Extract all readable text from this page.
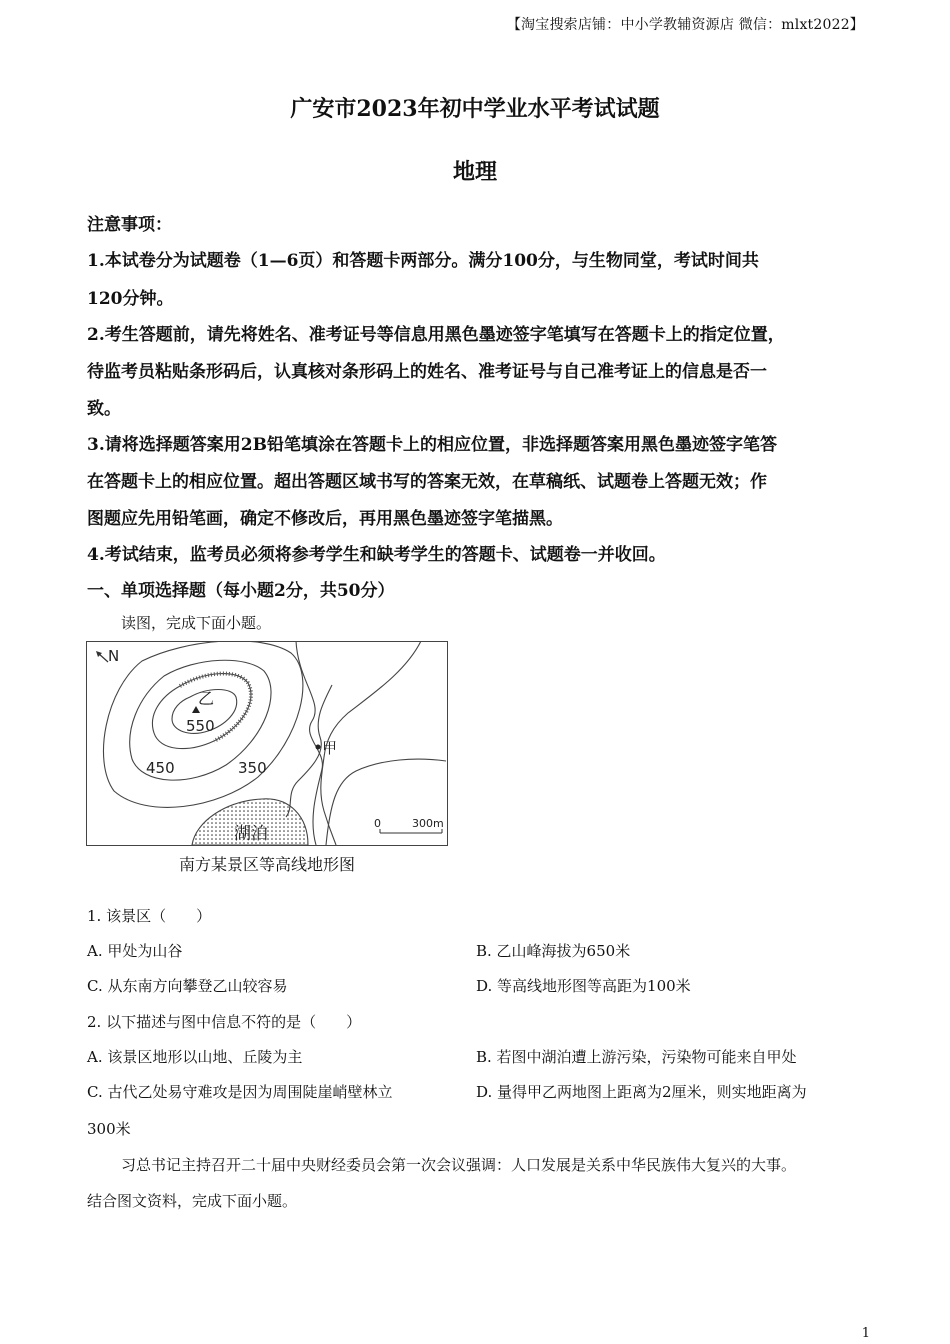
【淘宝搜索店铺：中小学教辅资源店 微信：mlxt2022】
广安市2023年初中学业水平考试试题
地理
注意事项：
1.本试卷分为试题卷（1—6页）和答题卡两部分。满分100分，与生物同堂，考试时间共
120分钟。
2.考生答题前，请先将姓名、准考证号等信息用黑色墨迹签字笔填写在答题卡上的指定位置，
待监考员粘贴条形码后，认真核对条形码上的姓名、准考证号与自己准考证上的信息是否一
致。
3.请将选择题答案用2B铅笔填涂在答题卡上的相应位置，非选择题答案用黑色墨迹签字笔答
在答题卡上的相应位置。超出答题区域书写的答案无效，在草稿纸、试题卷上答题无效；作
图题应先用铅笔画，确定不修改后，再用黑色墨迹签字笔描黑。
4.考试结束，监考员必须将参考学生和缺考学生的答题卡、试题卷一并收回。
一、单项选择题（每小题2分，共50分）
读图，完成下面小题。
N
乙
550
450	350
甲
湖泊
0	300m
南方某景区等高线地形图
1. 该景区（　　）
A. 甲处为山谷	B. 乙山峰海拔为650米
C. 从东南方向攀登乙山较容易	D. 等高线地形图等高距为100米
2. 以下描述与图中信息不符的是（　　）
A. 该景区地形以山地、丘陵为主	B. 若图中湖泊遭上游污染，污染物可能来自甲处
C. 古代乙处易守难攻是因为周围陡崖峭壁林立	D. 量得甲乙两地图上距离为2厘米，则实地距离为
300米
习总书记主持召开二十届中央财经委员会第一次会议强调：人口发展是关系中华民族伟大复兴的大事。
结合图文资料，完成下面小题。
1
